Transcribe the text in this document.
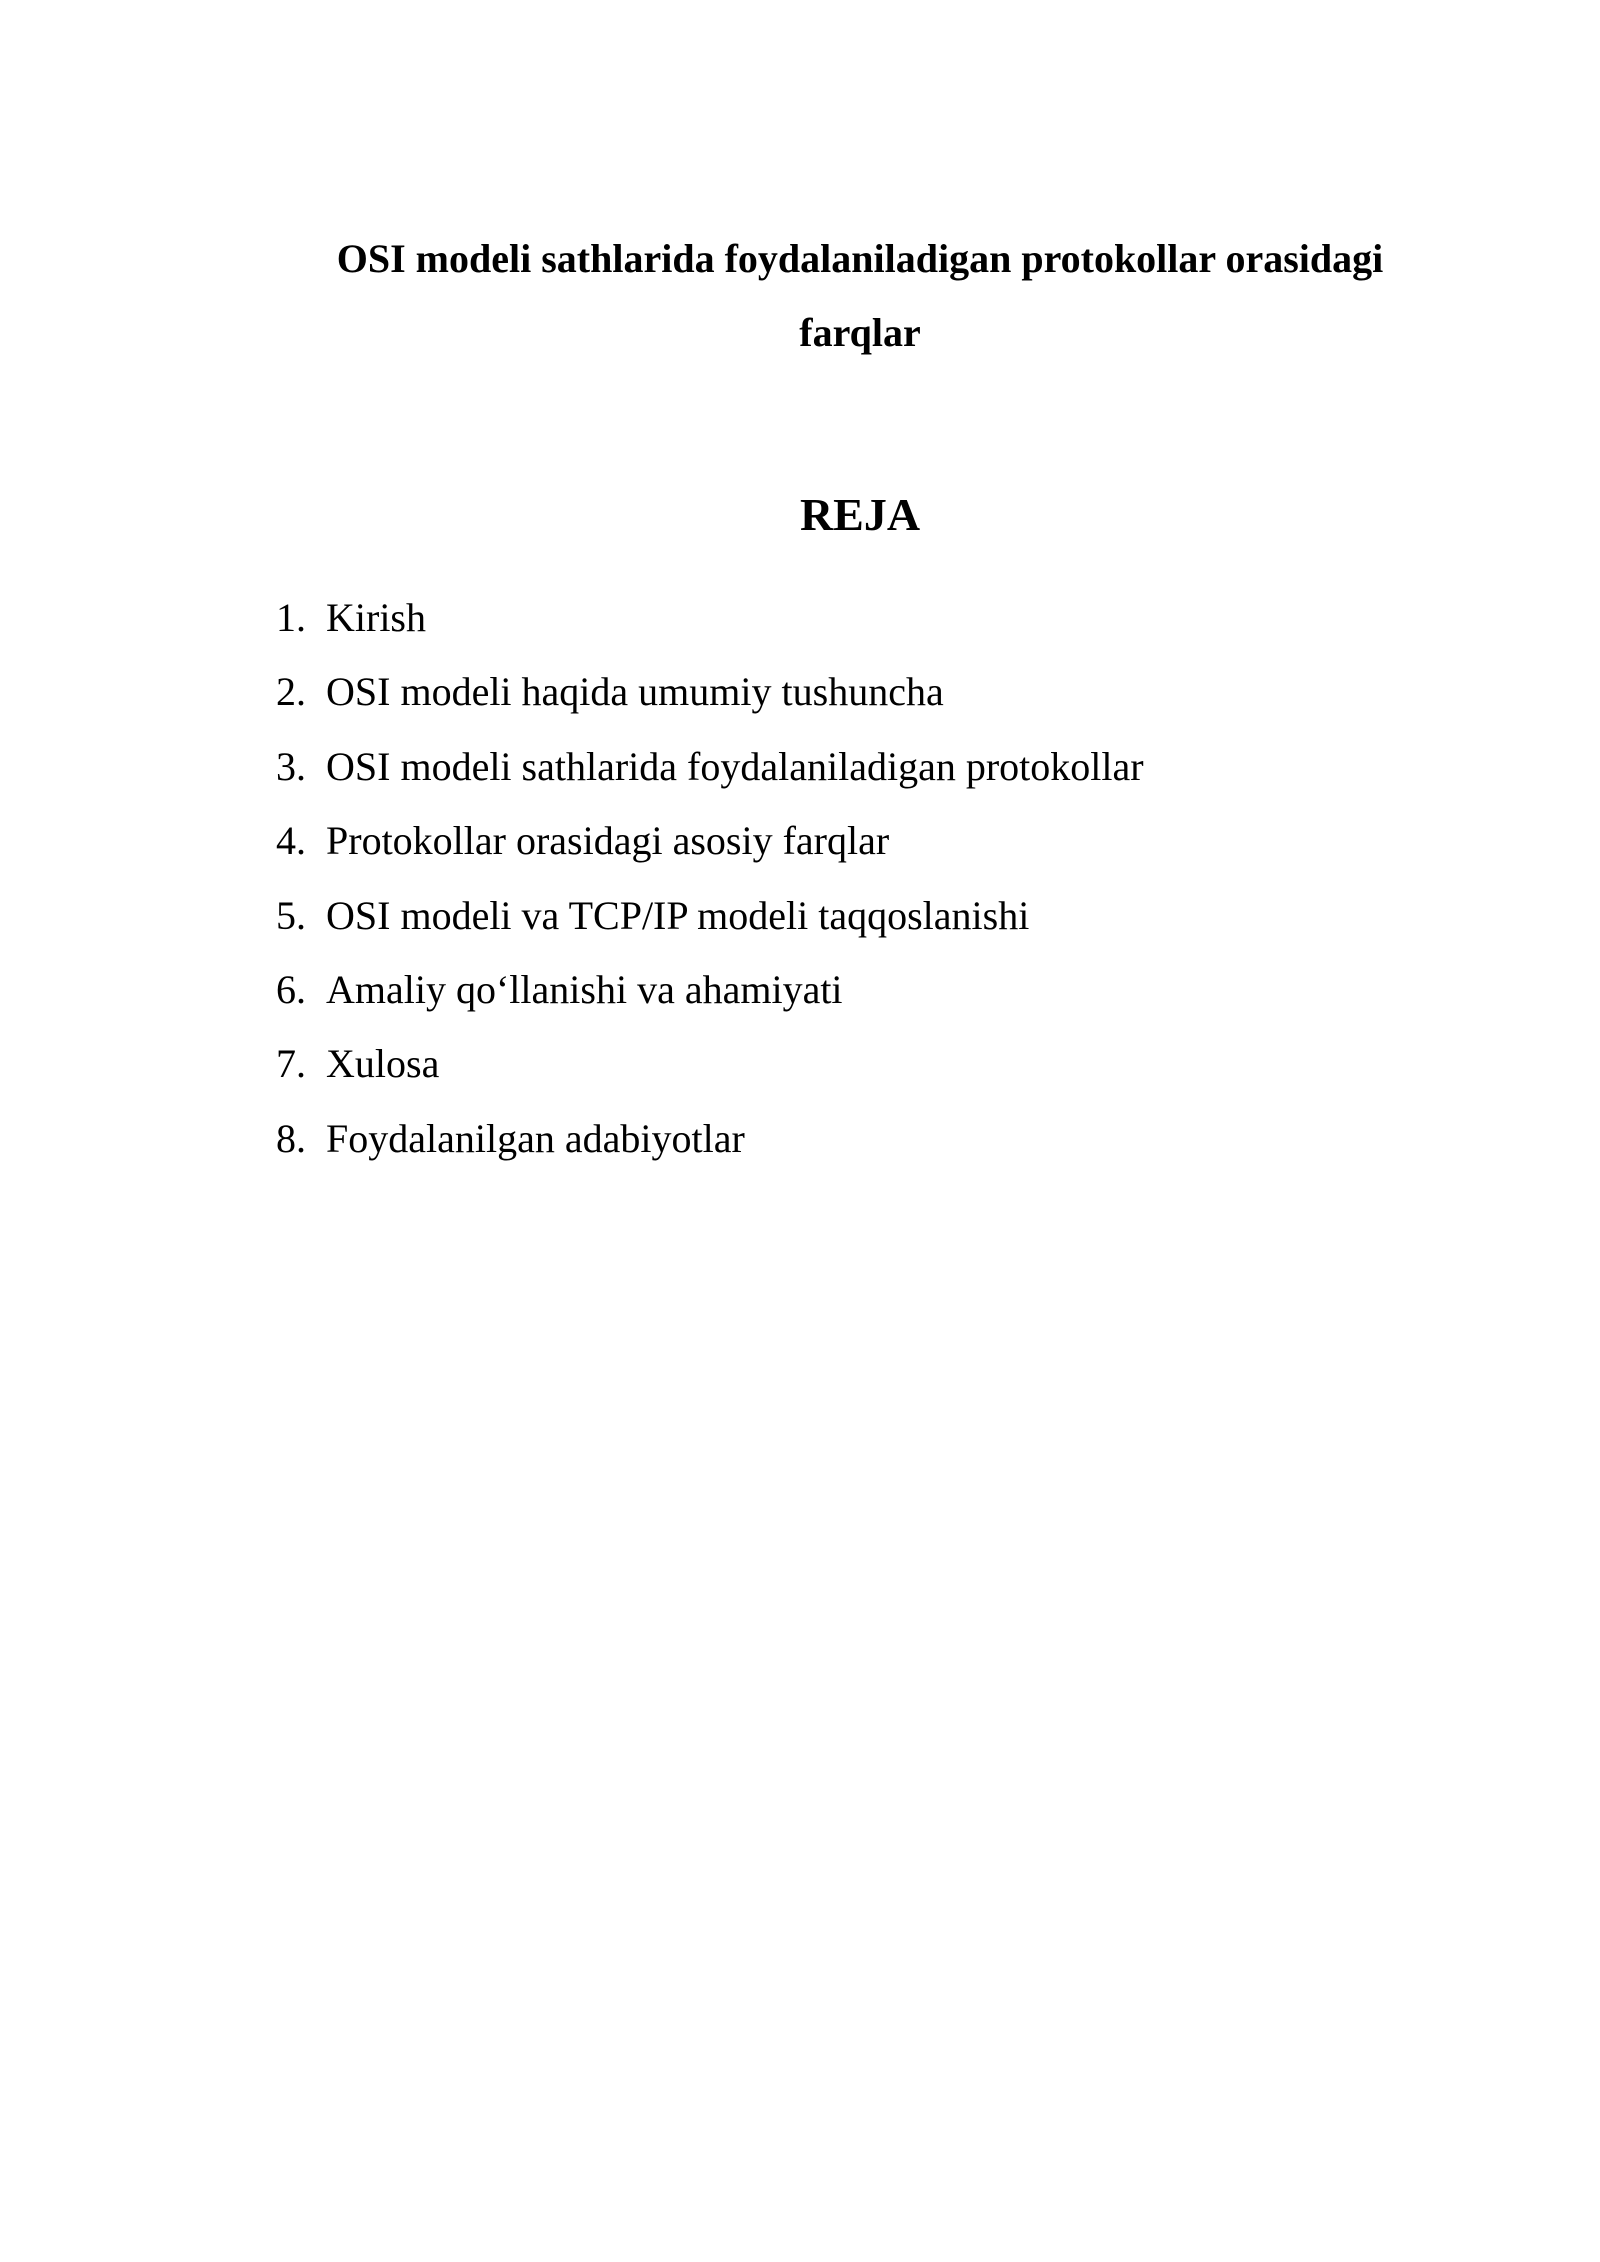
OSI modeli sathlarida foydalaniladigan protokollar orasidagi
farqlar
REJA
1. Kirish
2. OSI modeli haqida umumiy tushuncha
3. OSI modeli sathlarida foydalaniladigan protokollar
4. Protokollar orasidagi asosiy farqlar
5. OSI modeli va TCP/IP modeli taqqoslanishi
6. Amaliy qo‘llanishi va ahamiyati
7. Xulosa
8. Foydalanilgan adabiyotlar
